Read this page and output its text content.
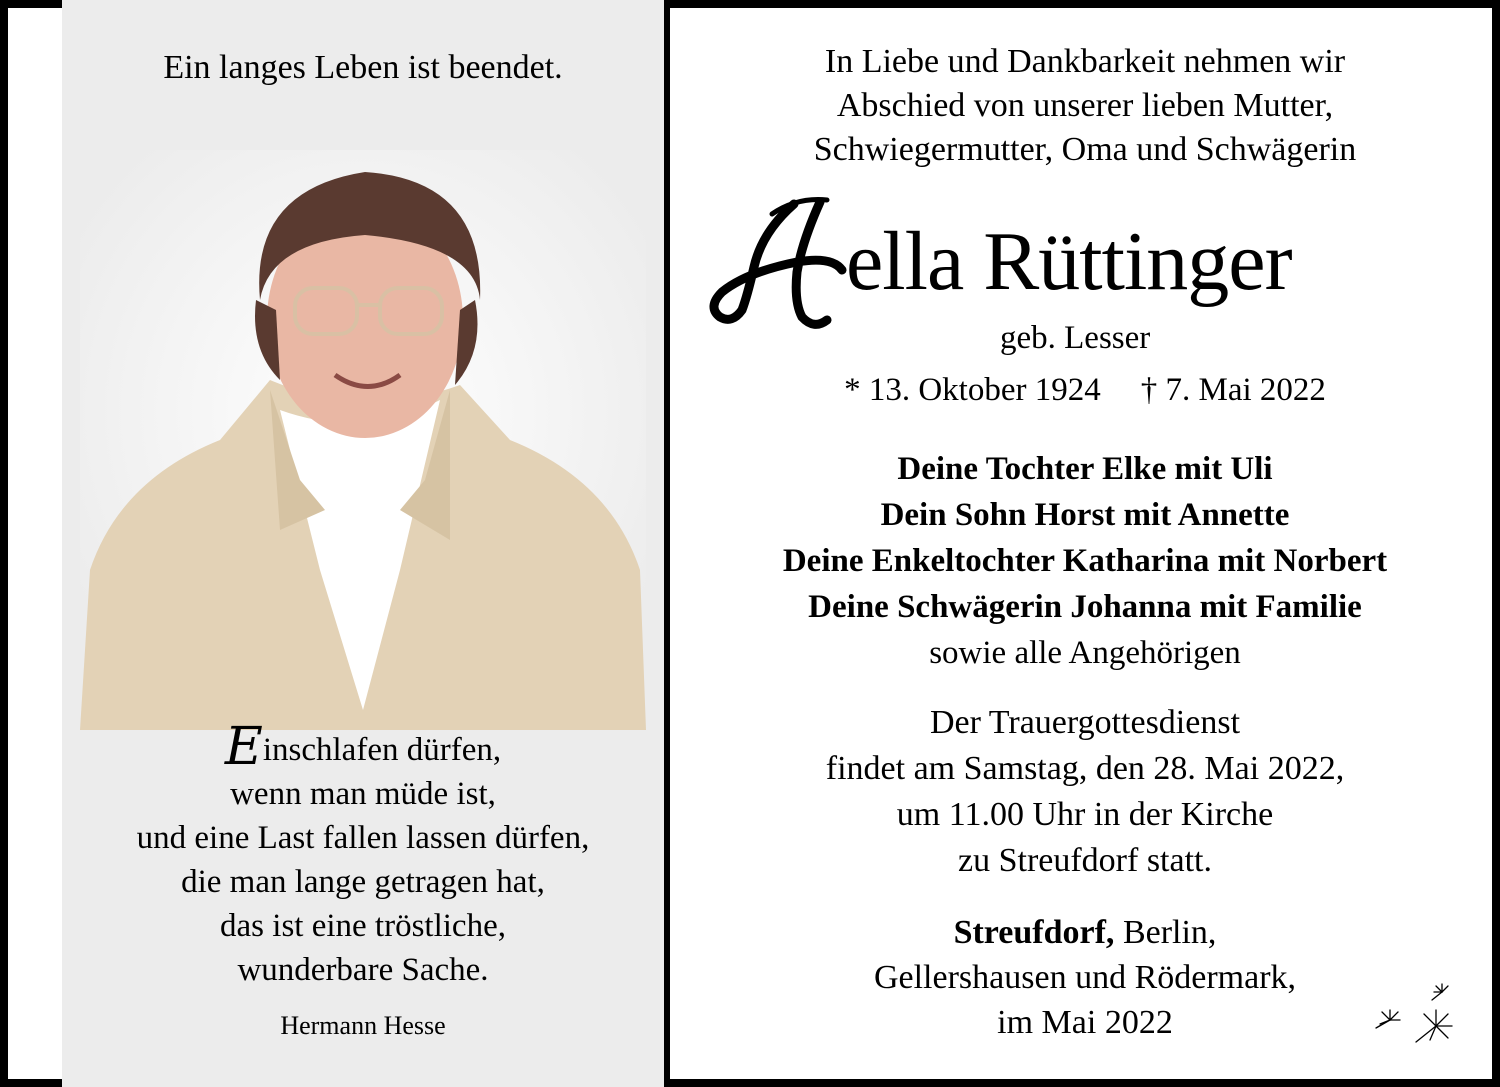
Ein langes Leben ist beendet.
Einschlafen dürfen,
wenn man müde ist,
und eine Last fallen lassen dürfen,
die man lange getragen hat,
das ist eine tröstliche,
wunderbare Sache.
Hermann Hesse
In Liebe und Dankbarkeit nehmen wir
Abschied von unserer lieben Mutter,
Schwiegermutter, Oma und Schwägerin
H
ella Rüttinger
geb. Lesser
* 13. Oktober 1924 † 7. Mai 2022
Deine Tochter Elke mit Uli
Dein Sohn Horst mit Annette
Deine Enkeltochter Katharina mit Norbert
Deine Schwägerin Johanna mit Familie
sowie alle Angehörigen
Der Trauergottesdienst
findet am Samstag, den 28. Mai 2022,
um 11.00 Uhr in der Kirche
zu Streufdorf statt.
Streufdorf, Berlin,
Gellershausen und Rödermark,
im Mai 2022
